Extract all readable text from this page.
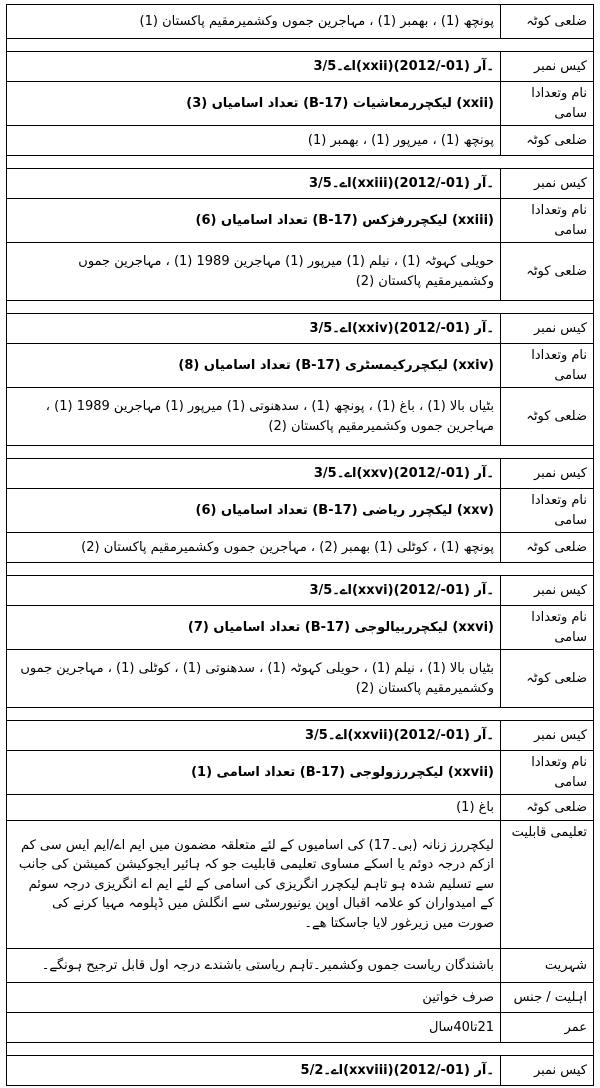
ضلعی کوٹہ	پونچھ (1) ، بھمبر (1) ، مہاجرین جموں وکشمیرمقیم پاکستان (1)

کیس نمبر	اے۔3/5(xxii)۔آر (01-/2012)
نام وتعدادا سامی	(xxii) لیکچررمعاشیات (B-17) تعداد اسامیاں (3)
ضلعی کوٹہ	پونچھ (1) ، میرپور (1) ، بھمبر (1)

کیس نمبر	اے۔3/5(xxiii)۔آر (01-/2012)
نام وتعدادا سامی	(xxiii) لیکچررفزکس (B-17) تعداد اسامیاں (6)
ضلعی کوٹہ	حویلی کہوٹہ (1) ، نیلم (1) میرپور (1) مہاجرین 1989 (1) ، مہاجرین جموں وکشمیرمقیم پاکستان (2)

کیس نمبر	اے۔3/5(xxiv)۔آر (01-/2012)
نام وتعدادا سامی	(xxiv) لیکچررکیمسٹری (B-17) تعداد اسامیاں (8)
ضلعی کوٹہ	بٹیاں بالا (1) ، باغ (1) ، پونچھ (1) ، سدھنوتی (1) میرپور (1) مہاجرین 1989 (1) ، مہاجرین جموں وکشمیرمقیم پاکستان (2)

کیس نمبر	اے۔3/5(xxv)۔آر (01-/2012)
نام وتعدادا سامی	(xxv) لیکچرر ریاضی (B-17) تعداد اسامیاں (6)
ضلعی کوٹہ	پونچھ (1) ، کوٹلی (1) بھمبر (2) ، مہاجرین جموں وکشمیرمقیم پاکستان (2)

کیس نمبر	اے۔3/5(xxvi)۔آر (01-/2012)
نام وتعدادا سامی	(xxvi) لیکچرربیالوجی (B-17) تعداد اسامیاں (7)
ضلعی کوٹہ	بٹیاں بالا (1) ، نیلم (1) ، حویلی کہوٹہ (1) ، سدھنوتی (1) ، کوٹلی (1) ، مہاجرین جموں وکشمیرمقیم پاکستان (2)

کیس نمبر	اے۔3/5(xxvii)۔آر (01-/2012)
نام وتعدادا سامی	(xxvii) لیکچررزولوجی (B-17) تعداد اسامی (1)
ضلعی کوٹہ	باغ (1)
تعلیمی قابلیت	لیکچررز زنانہ (بی۔17) کی اسامیوں کے لئے متعلقہ مضمون میں ایم اے/ایم ایس سی کم ازکم درجہ دوئم یا اسکے مساوی تعلیمی قابلیت جو کہ ہائیر ایجوکیشن کمیشن کی جانب سے تسلیم شدہ ہو تاہم لیکچرر انگریزی کی اسامی کے لئے ایم اے انگریزی درجہ سوئم کے امیدواران کو علامہ اقبال اوپن یونیورسٹی سے انگلش میں ڈپلومہ مہیا کرنے کی صورت میں زیرغور لایا جاسکتا ھے۔
شہریت	باشندگان ریاست جموں وکشمیر۔تاہم ریاستی باشندے درجہ اول قابل ترجیح ہونگے۔
اہلیت / جنس	صرف خواتین
عمر	21تا40سال

کیس نمبر	اے۔5/2(xxviii)۔آر (01-/2012)
